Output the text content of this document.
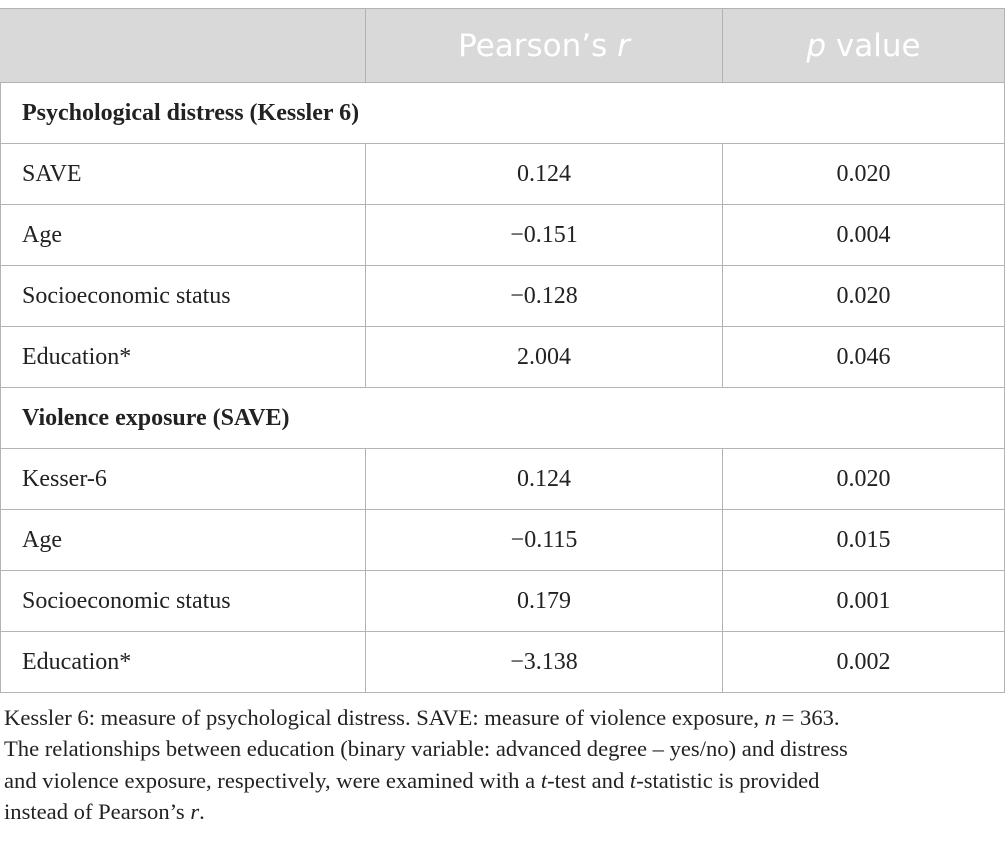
	Pearson’s r	p value
Psychological distress (Kessler 6)		
SAVE	0.124	0.020
Age	−0.151	0.004
Socioeconomic status	−0.128	0.020
Education*	2.004	0.046
Violence exposure (SAVE)		
Kesser-6	0.124	0.020
Age	−0.115	0.015
Socioeconomic status	0.179	0.001
Education*	−3.138	0.002
Kessler 6: measure of psychological distress. SAVE: measure of violence exposure, n = 363.
The relationships between education (binary variable: advanced degree – yes/no) and distress
and violence exposure, respectively, were examined with a t-test and t-statistic is provided
instead of Pearson’s r.
